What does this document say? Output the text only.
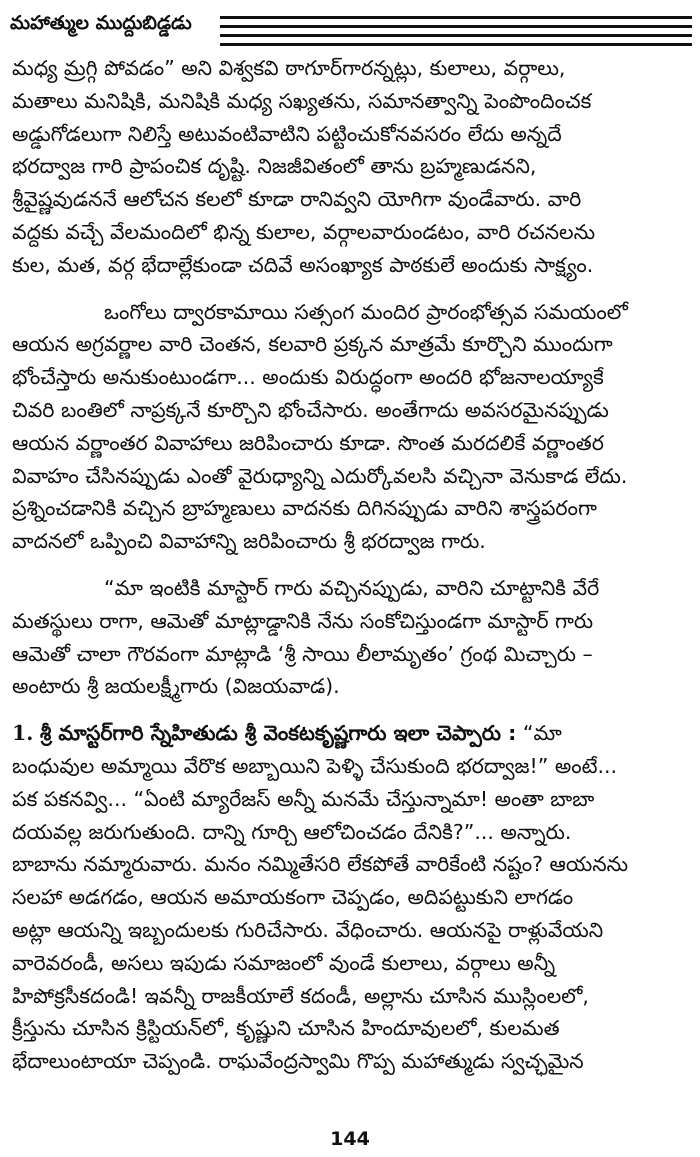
మహాత్ముల ముద్దుబిడ్డడు
మధ్య మ్రగ్గి పోవడం” అని విశ్వకవి ఠాగూర్‌గారన్నట్లు, కులాలు, వర్గాలు,
మతాలు మనిషికి, మనిషికి మధ్య సఖ్యతను, సమానత్వాన్ని పెంపొందించక
అడ్డుగోడలుగా నిలిస్తే అటువంటివాటిని పట్టించుకోనవసరం లేదు అన్నదే
భరద్వాజ గారి ప్రాపంచిక దృష్టి. నిజజీవితంలో తాను బ్రహ్మణుడనని,
శ్రీవైష్ణవుడననే ఆలోచన కలలో కూడా రానివ్వని యోగిగా వుండేవారు. వారి
వద్దకు వచ్చే వేలమందిలో భిన్న కులాల, వర్గాలవారుండటం, వారి రచనలను
కుల, మత, వర్గ భేదాల్లేకుండా చదివే అసంఖ్యాక పాఠకులే అందుకు సాక్ష్యం.
ఒంగోలు ద్వారకామాయి సత్సంగ మందిర ప్రారంభోత్సవ సమయంలో
ఆయన అగ్రవర్ణాల వారి చెంతన, కలవారి ప్రక్కన మాత్రమే కూర్చొని ముందుగా
భోంచేస్తారు అనుకుంటుండగా... అందుకు విరుద్ధంగా అందరి భోజనాలయ్యాకే
చివరి బంతిలో నాప్రక్కనే కూర్చొని భోంచేసారు. అంతేగాదు అవసరమైనప్పుడు
ఆయన వర్ణాంతర వివాహాలు జరిపించారు కూడా. సొంత మరదలికే వర్ణాంతర
వివాహం చేసినప్పుడు ఎంతో వైరుధ్యాన్ని ఎదుర్కోవలసి వచ్చినా వెనుకాడ లేదు.
ప్రశ్నించడానికి వచ్చిన బ్రాహ్మణులు వాదనకు దిగినప్పుడు వారిని శాస్త్రపరంగా
వాదనలో ఒప్పించి వివాహాన్ని జరిపించారు శ్రీ భరద్వాజ గారు.
“మా ఇంటికి మాస్టార్ గారు వచ్చినప్పుడు, వారిని చూట్టానికి వేరే
మతస్థులు రాగా, ఆమెతో మాట్లాడ్డానికి నేను సంకోచిస్తుండగా మాస్టార్ గారు
ఆమెతో చాలా గౌరవంగా మాట్లాడి ‘శ్రీ సాయి లీలామృతం’ గ్రంథ మిచ్చారు –
అంటారు శ్రీ జయలక్ష్మీగారు (విజయవాడ).
1. శ్రీ మాస్టర్‌గారి స్నేహితుడు శ్రీ వెంకటకృష్ణగారు ఇలా చెప్పారు : “మా
బంధువుల అమ్మాయి వేరొక అబ్బాయిని పెళ్ళి చేసుకుంది భరద్వాజ!” అంటే...
పక పకనవ్వి... “ఏంటి మ్యారేజస్ అన్నీ మనమే చేస్తున్నామా! అంతా బాబా
దయవల్ల జరుగుతుంది. దాన్ని గూర్చి ఆలోచించడం దేనికి?”... అన్నారు.
బాబాను నమ్మారువారు. మనం నమ్మితేసరి లేకపోతే వారికేంటి నష్టం? ఆయనను
సలహా అడగడం, ఆయన అమాయకంగా చెప్పడం, అదిపట్టుకుని లాగడం
అట్లా ఆయన్ని ఇబ్బందులకు గురిచేసారు. వేధించారు. ఆయనపై రాళ్లువేయని
వారెవరండీ, అసలు ఇపుడు సమాజంలో వుండే కులాలు, వర్గాలు అన్నీ
హిపోక్రసీకదండి! ఇవన్నీ రాజకీయాలే కదండీ, అల్లాను చూసిన ముస్లింలలో,
క్రీస్తును చూసిన క్రిస్టియన్‌లో, కృష్ణుని చూసిన హిందూవులలో, కులమత
భేదాలుంటాయా చెప్పండి. రాఘవేంద్రస్వామి గొప్ప మహాత్ముడు స్వచ్ఛమైన
144
